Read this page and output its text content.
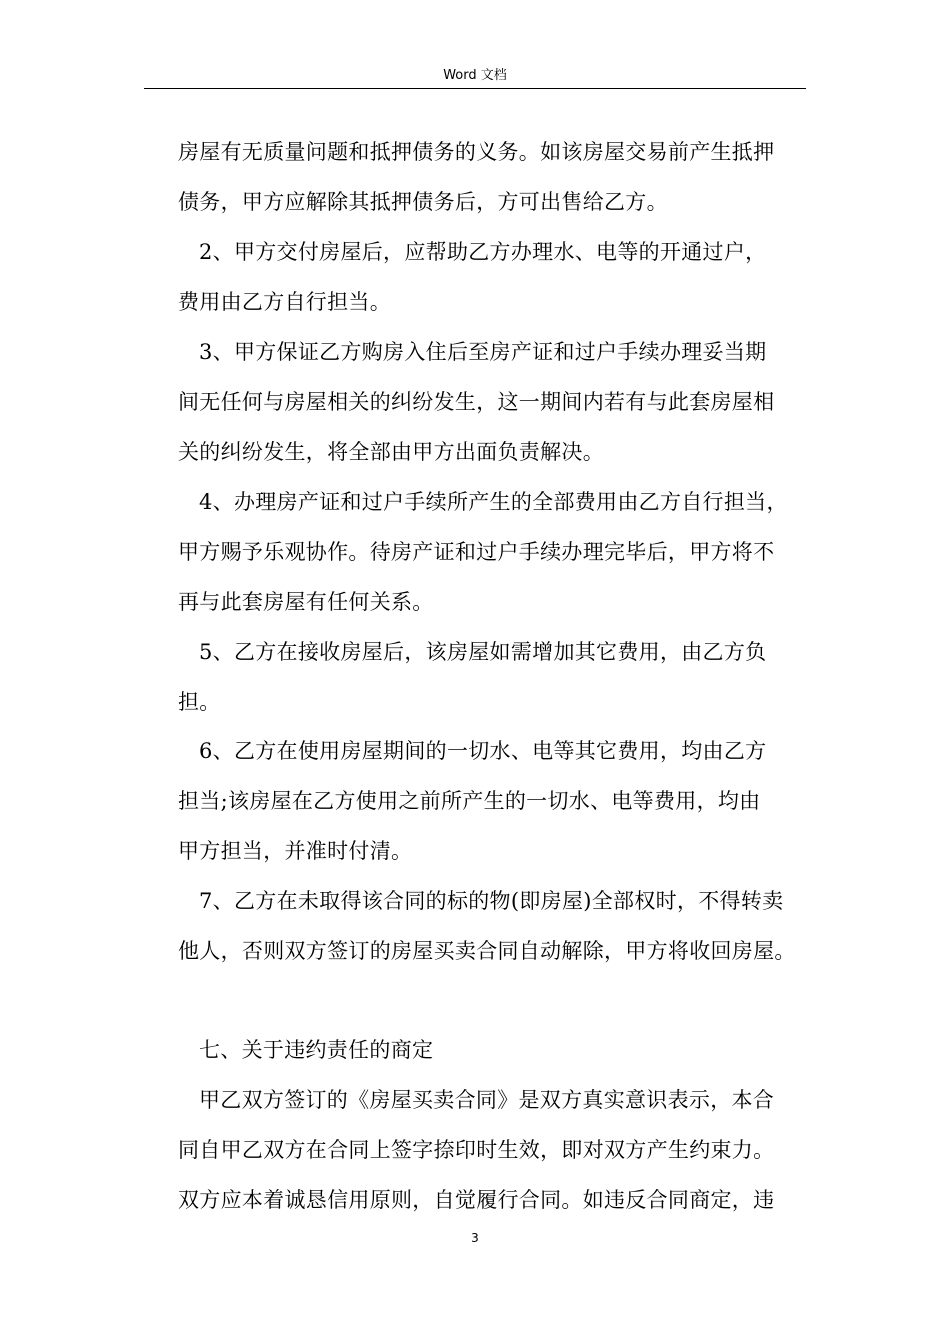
Word 文档
房屋有无质量问题和抵押债务的义务。如该房屋交易前产生抵押
债务，甲方应解除其抵押债务后，方可出售给乙方。
2、甲方交付房屋后，应帮助乙方办理水、电等的开通过户，
费用由乙方自行担当。
3、甲方保证乙方购房入住后至房产证和过户手续办理妥当期
间无任何与房屋相关的纠纷发生，这一期间内若有与此套房屋相
关的纠纷发生，将全部由甲方出面负责解决。
4、办理房产证和过户手续所产生的全部费用由乙方自行担当，
甲方赐予乐观协作。待房产证和过户手续办理完毕后，甲方将不
再与此套房屋有任何关系。
5、乙方在接收房屋后，该房屋如需增加其它费用，由乙方负
担。
6、乙方在使用房屋期间的一切水、电等其它费用，均由乙方
担当;该房屋在乙方使用之前所产生的一切水、电等费用，均由
甲方担当，并准时付清。
7、乙方在未取得该合同的标的物(即房屋)全部权时，不得转卖
他人，否则双方签订的房屋买卖合同自动解除，甲方将收回房屋。
七、关于违约责任的商定
甲乙双方签订的《房屋买卖合同》是双方真实意识表示，本合
同自甲乙双方在合同上签字捺印时生效，即对双方产生约束力。
双方应本着诚恳信用原则，自觉履行合同。如违反合同商定，违
3
